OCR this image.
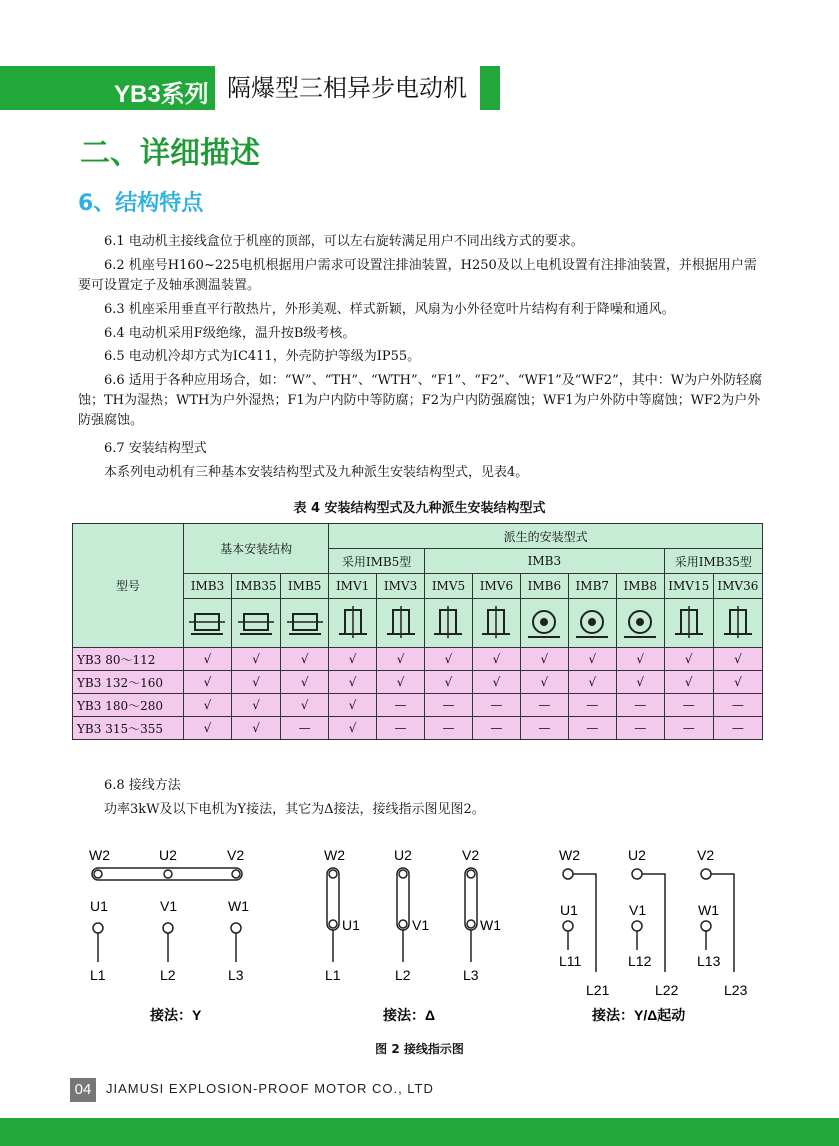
YB3系列 隔爆型三相异步电动机
二、详细描述
6、结构特点
6.1 电动机主接线盒位于机座的顶部，可以左右旋转满足用户不同出线方式的要求。
6.2 机座号H160~225电机根据用户需求可设置注排油装置，H250及以上电机设置有注排油装置，并根据用户需要可设置定子及轴承测温装置。
6.3 机座采用垂直平行散热片，外形美观、样式新颖，风扇为小外径宽叶片结构有利于降噪和通风。
6.4 电动机采用F级绝缘，温升按B级考核。
6.5 电动机冷却方式为IC411，外壳防护等级为IP55。
6.6 适用于各种应用场合，如：“W”、“TH”、“WTH”、“F1”、“F2”、“WF1”及“WF2”，其中：W为户外防轻腐蚀；TH为湿热；WTH为户外湿热；F1为户内防中等防腐；F2为户内防强腐蚀；WF1为户外防中等腐蚀；WF2为户外防强腐蚀。
6.7 安装结构型式
本系列电动机有三种基本安装结构型式及九种派生安装结构型式，见表4。
表 4 安装结构型式及九种派生安装结构型式
型号	基本安装结构			派生的安装型式								
				采用IMB5型		IMB3					采用IMB35型	
	IMB3	IMB35	IMB5	IMV1	IMV3	IMV5	IMV6	IMB6	IMB7	IMB8	IMV15	IMV36

YB3 80～112	√	√	√	√	√	√	√	√	√	√	√	√
YB3 132～160	√	√	√	√	√	√	√	√	√	√	√	√
YB3 180～280	√	√	√	√	—	—	—	—	—	—	—	—
YB3 315～355	√	√	—	√	—	—	—	—	—	—	—	—
6.8 接线方法
功率3kW及以下电机为Y接法，其它为Δ接法，接线指示图见图2。
W2
U1
L1
U2
V1
L2
V2
W1
L3
接法：Y
W2
U1
L1
U2
V1
L2
V2
W1
L3
接法：Δ
W2
L21
U1
L11
U2
L22
V1
L12
V2
L23
W1
L13
接法：Y/Δ起动
图 2 接线指示图
04	JIAMUSI EXPLOSION-PROOF MOTOR CO., LTD
